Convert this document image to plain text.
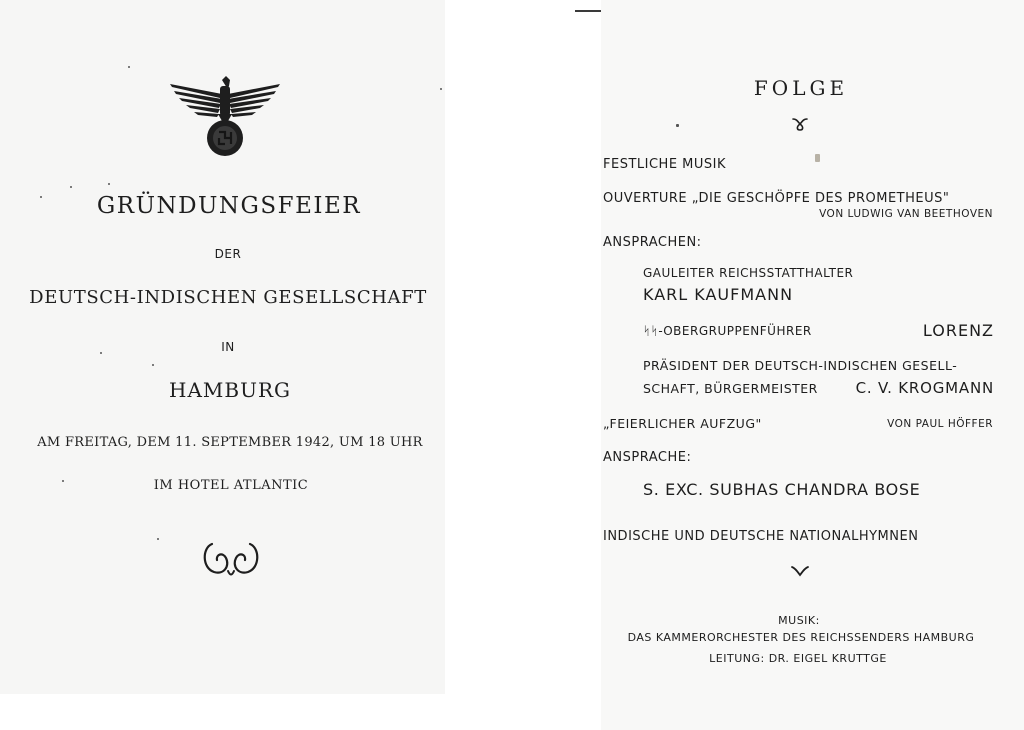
GRÜNDUNGSFEIER
DER
DEUTSCH-INDISCHEN GESELLSCHAFT
IN
HAMBURG
AM FREITAG, DEM 11. SEPTEMBER 1942, UM 18 UHR
IM HOTEL ATLANTIC
FOLGE
FESTLICHE MUSIK
OUVERTURE „DIE GESCHÖPFE DES PROMETHEUS"
VON LUDWIG VAN BEETHOVEN
ANSPRACHEN:
GAULEITER REICHSSTATTHALTER
KARL KAUFMANN
ᛋᛋ-OBERGRUPPENFÜHRER	LORENZ
PRÄSIDENT DER DEUTSCH-INDISCHEN GESELL-
SCHAFT, BÜRGERMEISTER	C. V. KROGMANN
„FEIERLICHER AUFZUG"	VON PAUL HÖFFER
ANSPRACHE:
S. EXC. SUBHAS CHANDRA BOSE
INDISCHE UND DEUTSCHE NATIONALHYMNEN
MUSIK:
DAS KAMMERORCHESTER DES REICHSSENDERS HAMBURG
LEITUNG: DR. EIGEL KRUTTGE
